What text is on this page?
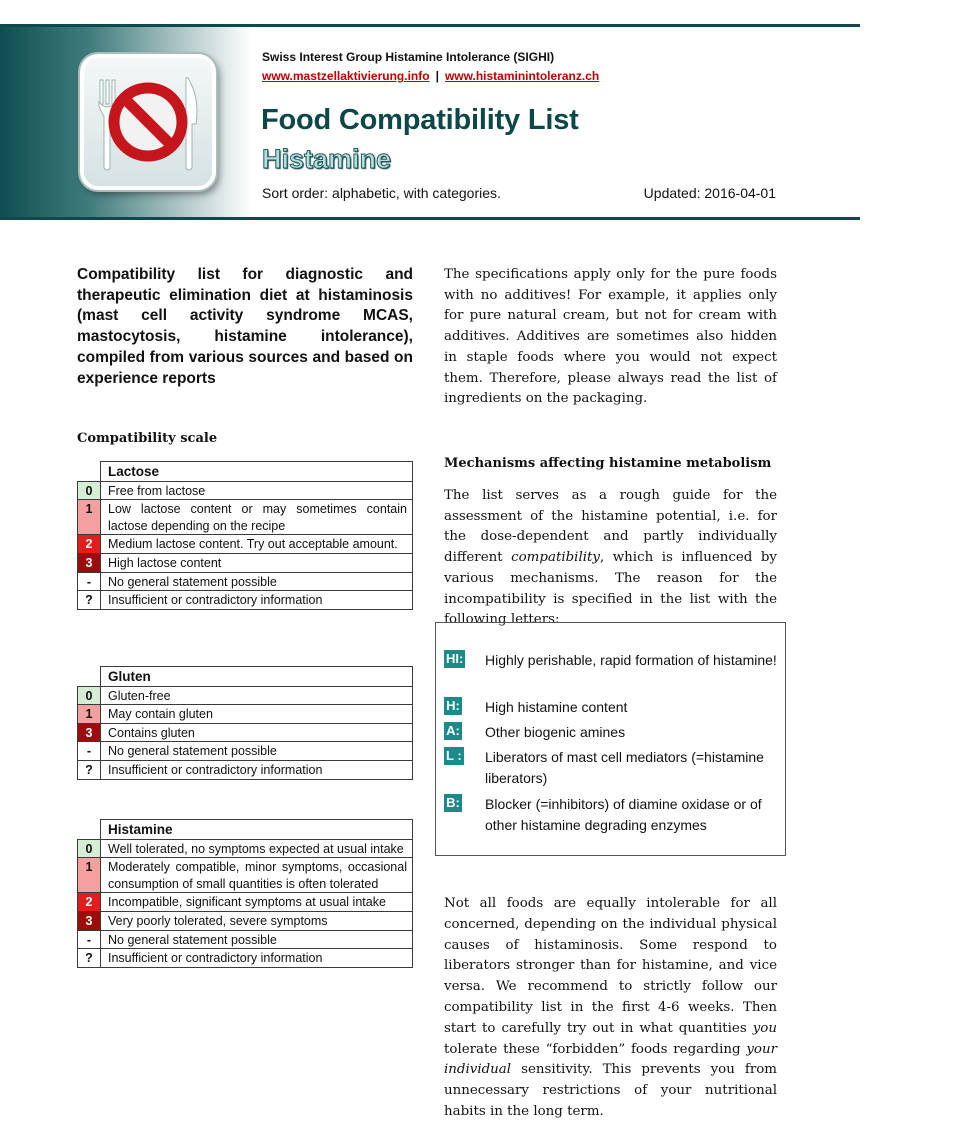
Swiss Interest Group Histamine Intolerance (SIGHI)
www.mastzellaktivierung.info | www.histaminintoleranz.ch
Food Compatibility List
Histamine
Sort order: alphabetic, with categories.	Updated: 2016-04-01
Compatibility list for diagnostic and therapeutic elimination diet at histaminosis (mast cell activity syndrome MCAS, mastocytosis, histamine intolerance), compiled from various sources and based on experience reports
Compatibility scale
	Lactose
0	Free from lactose
1	Low lactose content or may sometimes contain lactose depending on the recipe
2	Medium lactose content. Try out acceptable amount.
3	High lactose content
-	No general statement possible
?	Insufficient or contradictory information
	Gluten
0	Gluten-free
1	May contain gluten
3	Contains gluten
-	No general statement possible
?	Insufficient or contradictory information
	Histamine
0	Well tolerated, no symptoms expected at usual intake
1	Moderately compatible, minor symptoms, occasional consumption of small quantities is often tolerated
2	Incompatible, significant symptoms at usual intake
3	Very poorly tolerated, severe symptoms
-	No general statement possible
?	Insufficient or contradictory information
The specifications apply only for the pure foods with no additives! For example, it applies only for pure natural cream, but not for cream with additives. Additives are sometimes also hidden in staple foods where you would not expect them. Therefore, please always read the list of ingredients on the packaging.
Mechanisms affecting histamine metabolism
The list serves as a rough guide for the assessment of the histamine potential, i.e. for the dose-dependent and partly individually different compatibility, which is influenced by various mechanisms. The reason for the incompatibility is specified in the list with the following letters:
HI: Highly perishable, rapid formation of histamine!
H: High histamine content
A: Other biogenic amines
L : Liberators of mast cell mediators (=histamine liberators)
B: Blocker (=inhibitors) of diamine oxidase or of other histamine degrading enzymes
Not all foods are equally intolerable for all concerned, depending on the individual physical causes of histaminosis. Some respond to liberators stronger than for histamine, and vice versa. We recommend to strictly follow our compatibility list in the first 4-6 weeks. Then start to carefully try out in what quantities you tolerate these “forbidden” foods regarding your individual sensitivity. This prevents you from unnecessary restrictions of your nutritional habits in the long term.
